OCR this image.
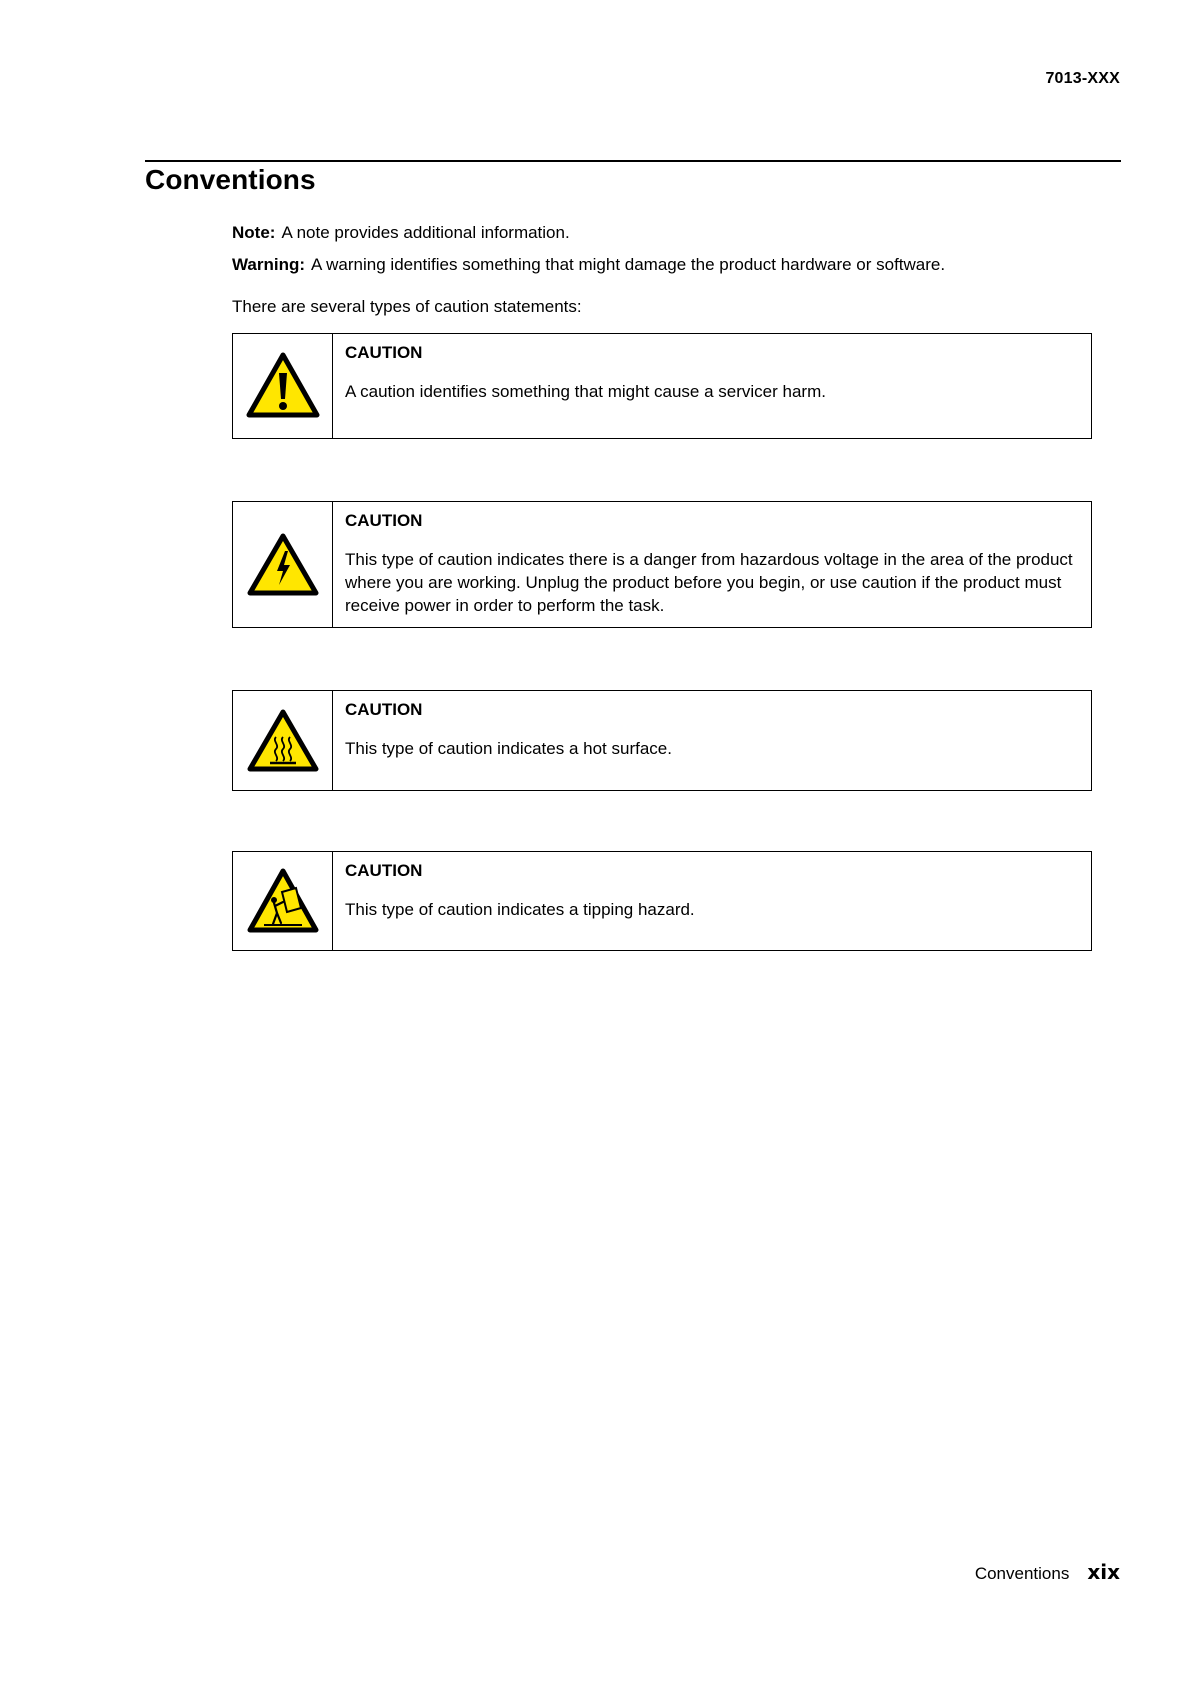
7013-XXX
Conventions

Note: A note provides additional information.

Warning: A warning identifies something that might damage the product hardware or software.

There are several types of caution statements:

CAUTION

A caution identifies something that might cause a servicer harm.

CAUTION

This type of caution indicates there is a danger from hazardous voltage in the area of the product where you are working. Unplug the product before you begin, or use caution if the product must receive power in order to perform the task.

CAUTION

This type of caution indicates a hot surface.

CAUTION

This type of caution indicates a tipping hazard.

Conventions xix
